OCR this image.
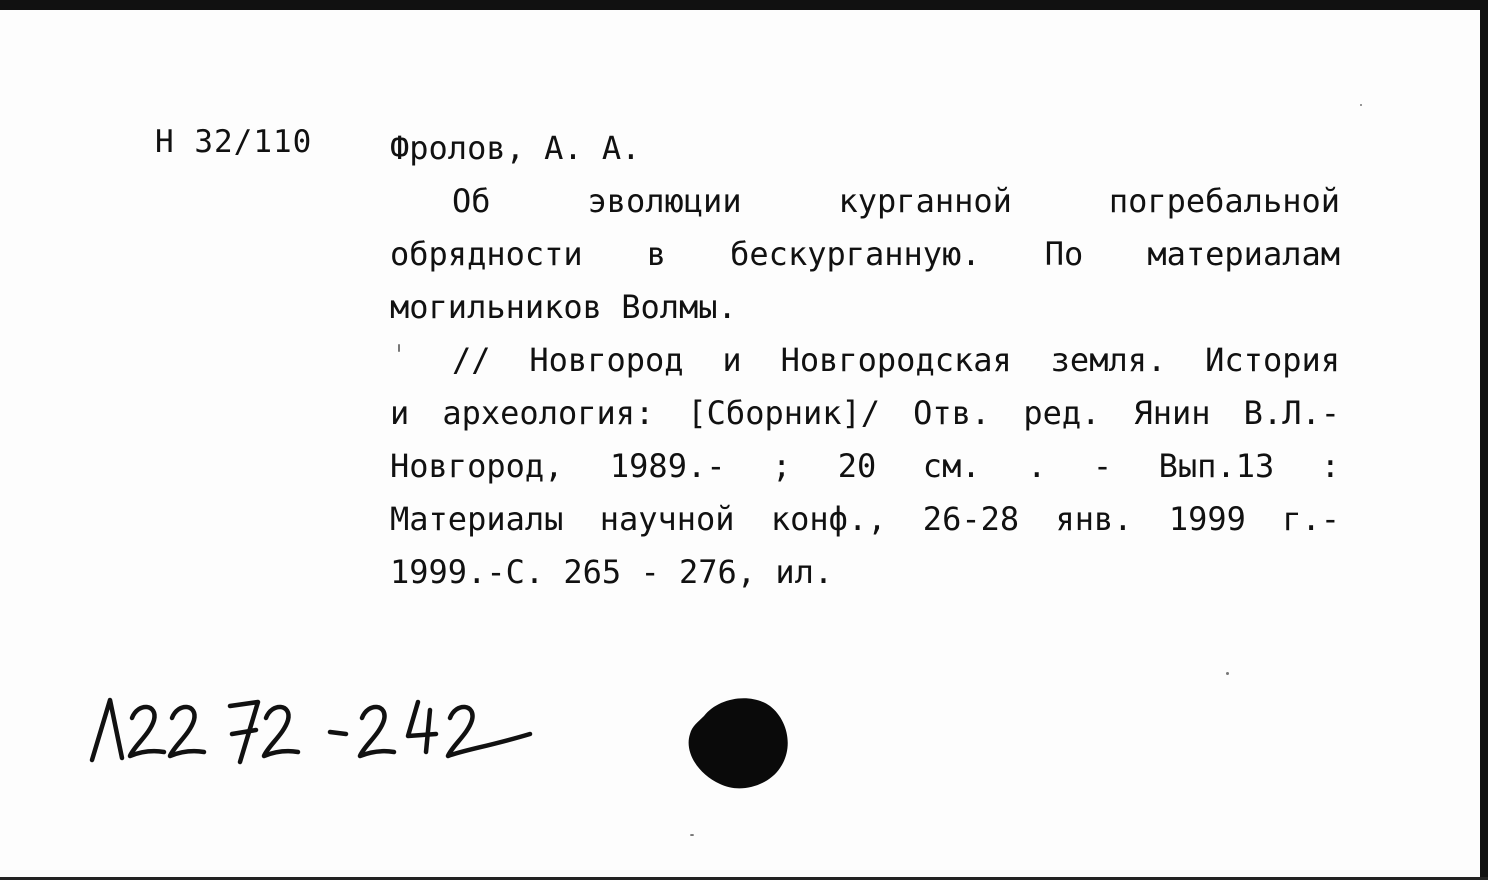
Н 32/110 Фролов, А. А.
Об эволюции курганной погребальной
обрядности в бескурганную. По материалам
могильников Волмы.
// Новгород и Новгородская земля. История
и археология: [Сборник]/ Отв. ред. Янин В.Л.-
Новгород, 1989.- ; 20 см. . - Вып.13 :
Материалы научной конф., 26-28 янв. 1999 г.-
1999.-С. 265 - 276, ил.
